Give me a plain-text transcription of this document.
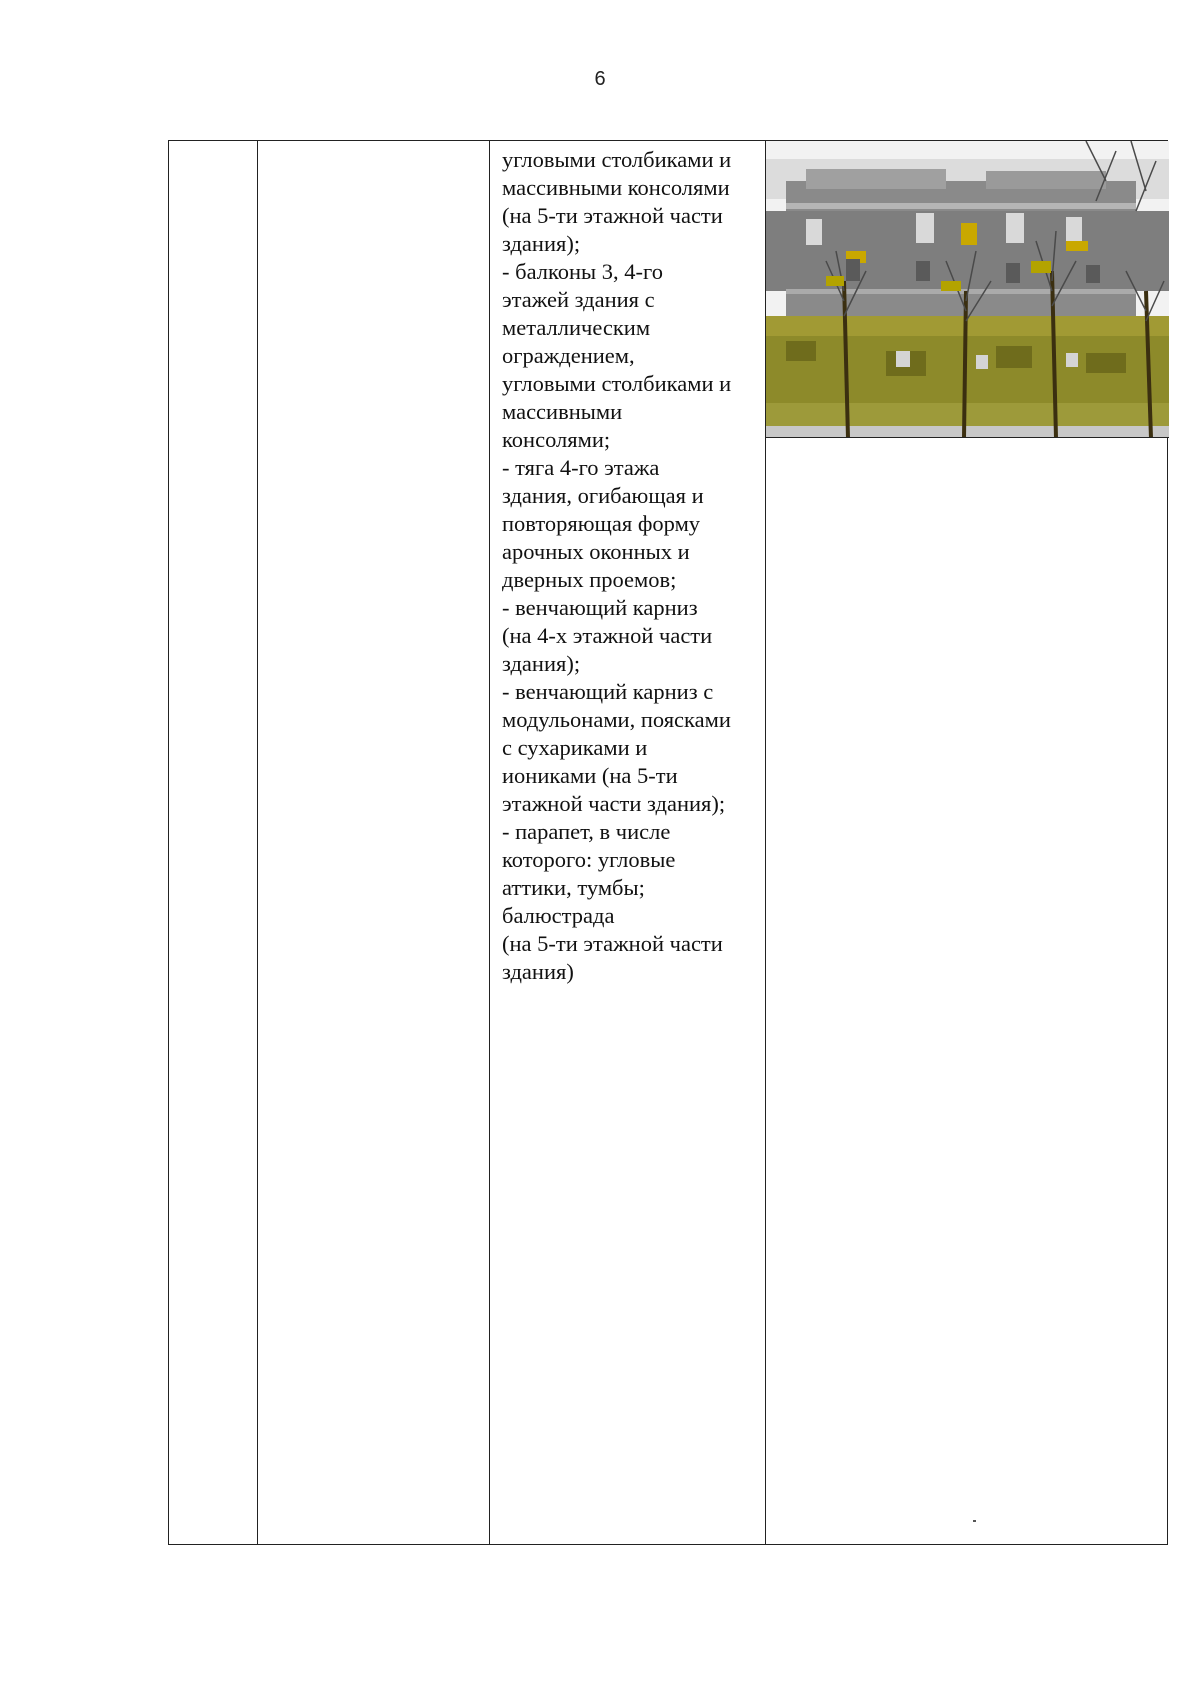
6
угловыми столбиками и
массивными консолями
(на 5-ти этажной части
здания);
- балконы 3, 4-го
этажей здания с
металлическим
ограждением,
угловыми столбиками и
массивными
консолями;
- тяга 4-го этажа
здания, огибающая и
повторяющая форму
арочных оконных и
дверных проемов;
- венчающий карниз
(на 4-х этажной части
здания);
- венчающий карниз с
модульонами, поясками
с сухариками и
иониками (на 5-ти
этажной части здания);
- парапет, в числе
которого: угловые
аттики, тумбы;
балюстрада
(на 5-ти этажной части
здания)
